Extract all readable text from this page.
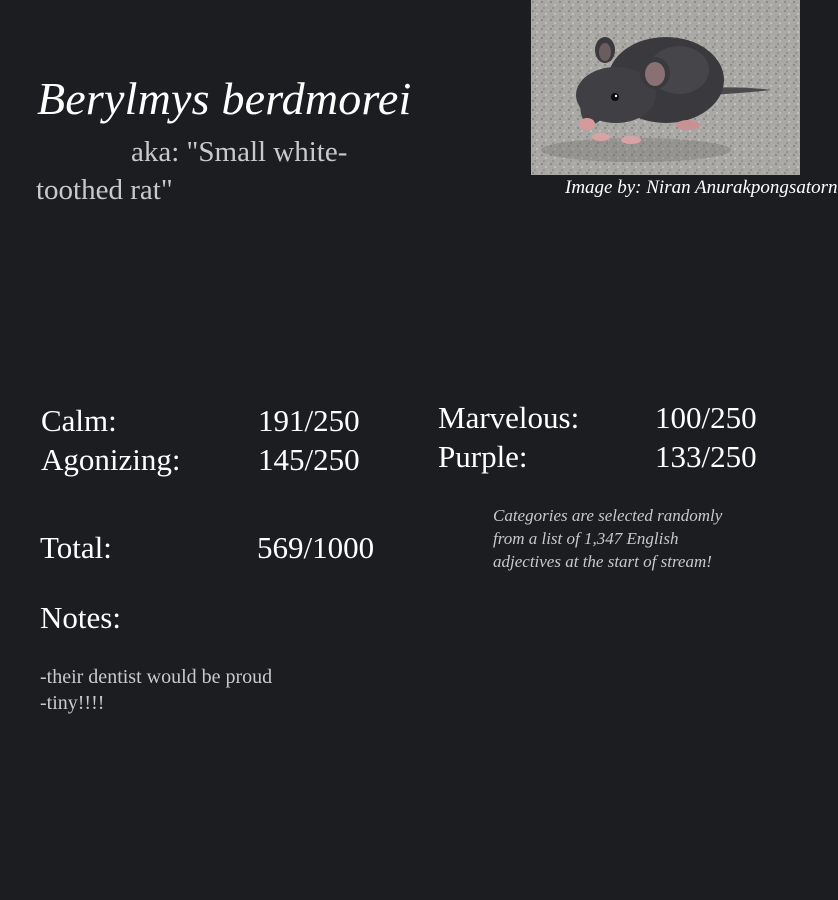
Berylmys berdmorei
aka: "Small white-toothed rat"	Image by: Niran Anurakpongsatorn
Calm:	191/250
Agonizing:	145/250
Marvelous: 100/250
Purple:	133/250
Total:	569/1000
Categories are selected randomly from a list of 1,347 English adjectives at the start of stream!
Notes:
-their dentist would be proud
-tiny!!!!
